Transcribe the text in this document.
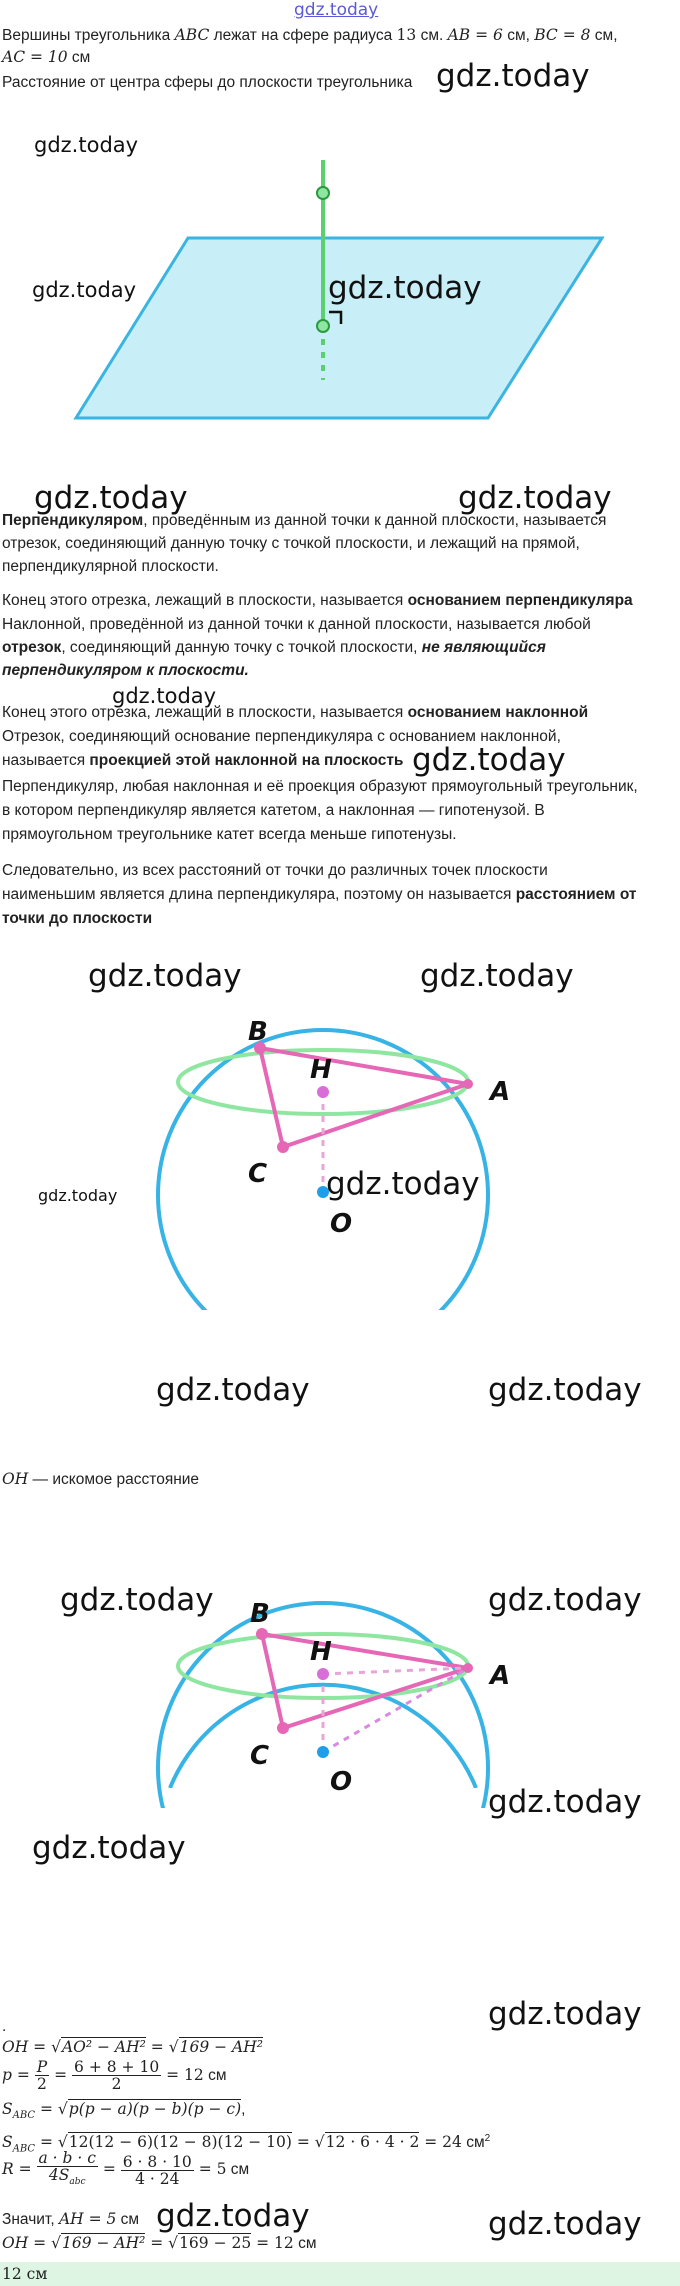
gdz.today
Вершины треугольника ABC лежат на сфере радиуса 13 см. AB = 6 см, BC = 8 см,
AC = 10 см
Расстояние от центра сферы до плоскости треугольника gdz.today
gdz.today
gdz.today	gdz.today
gdz.today	gdz.today
Перпендикуляром, проведённым из данной точки к данной плоскости, называется
отрезок, соединяющий данную точку с точкой плоскости, и лежащий на прямой,
перпендикулярной плоскости.
Конец этого отрезка, лежащий в плоскости, называется основанием перпендикуляра
Наклонной, проведённой из данной точки к данной плоскости, называется любой
отрезок, соединяющий данную точку с точкой плоскости, не являющийся
перпендикуляром к плоскости.
gdz.today
Конец этого отрезка, лежащий в плоскости, называется основанием наклонной
Отрезок, соединяющий основание перпендикуляра с основанием наклонной,
называется проекцией этой наклонной на плоскость gdz.today
Перпендикуляр, любая наклонная и её проекция образуют прямоугольный треугольник,
в котором перпендикуляр является катетом, а наклонная — гипотенузой. В
прямоугольном треугольнике катет всегда меньше гипотенузы.
Следовательно, из всех расстояний от точки до различных точек плоскости
наименьшим является длина перпендикуляра, поэтому он называется расстоянием от
точки до плоскости
gdz.today	gdz.today
B
H
A
C
O
gdz.today
gdz.today
gdz.today	gdz.today
OH — искомое расстояние
gdz.today	gdz.today
B
H
A
C
O
gdz.today
gdz.today
gdz.today
.
OH = √AO² − AH² = √169 − AH²
$p = \frac{P}{2} = \frac{6 + 8 + 10}{2} = 12$ см
$S_{ABC} = √p(p - a)(p - b)(p - c)$,
$S_{ABC} = √12(12 - 6)(12 - 8)(12 - 10) = √12 \cdot 6 \cdot 4 \cdot 2 = 24$ $см^2$
$R = \frac{a \cdot b \cdot c}{4S_{abc}} = \frac{6 \cdot 8 \cdot 10}{4 \cdot 24} = 5$ см
gdz.today	gdz.today
Значит, AH = 5 см
OH = √169 − AH² = √169 − 25 = 12 см
12 см
